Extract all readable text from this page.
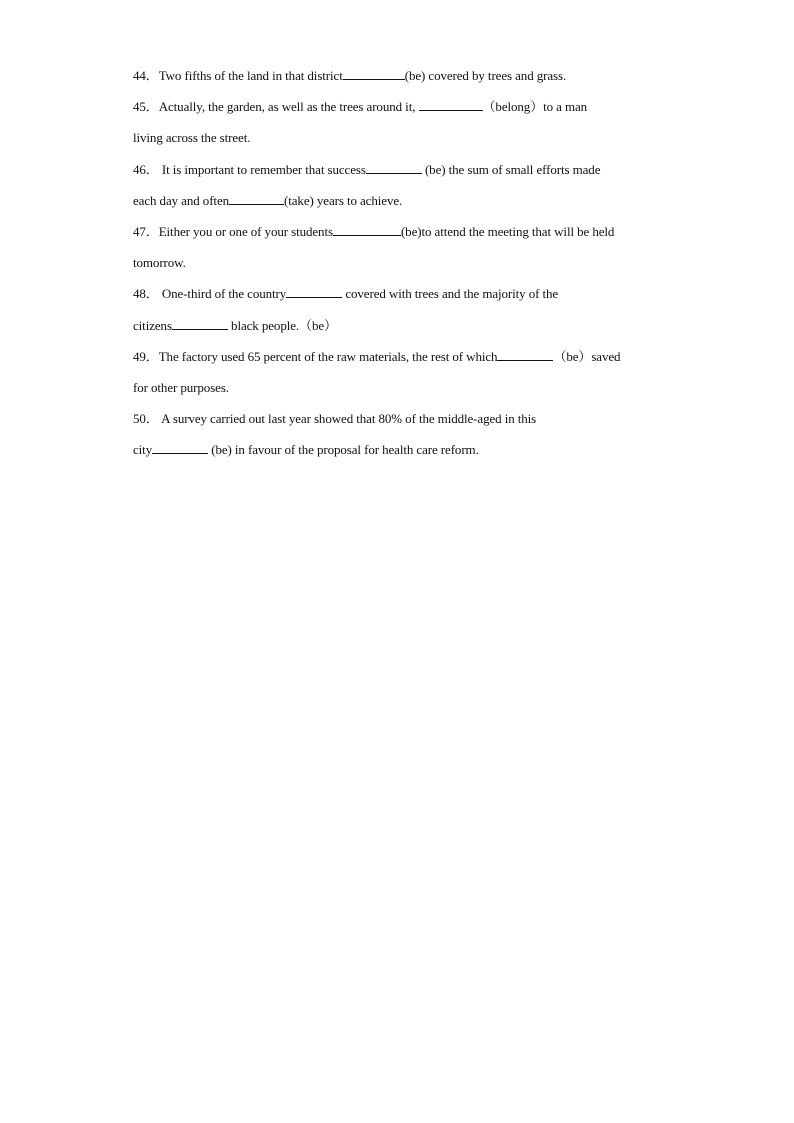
44．Two fifths of the land in that district	(be) covered by trees and grass.
45．Actually, the garden, as well as the trees around it,	（belong）to a man
living across the street.
46． It is important to remember that success	(be) the sum of small efforts made
each day and often	(take) years to achieve.
47．Either you or one of your students	(be)to attend the meeting that will be held
tomorrow.
48． One-third of the country	covered with trees and the majority of the
citizens	black people.（be）
49．The factory used 65 percent of the raw materials, the rest of which	（be）saved
for other purposes.
50． A survey carried out last year showed that 80% of the middle-aged in this
city	(be) in favour of the proposal for health care reform.
